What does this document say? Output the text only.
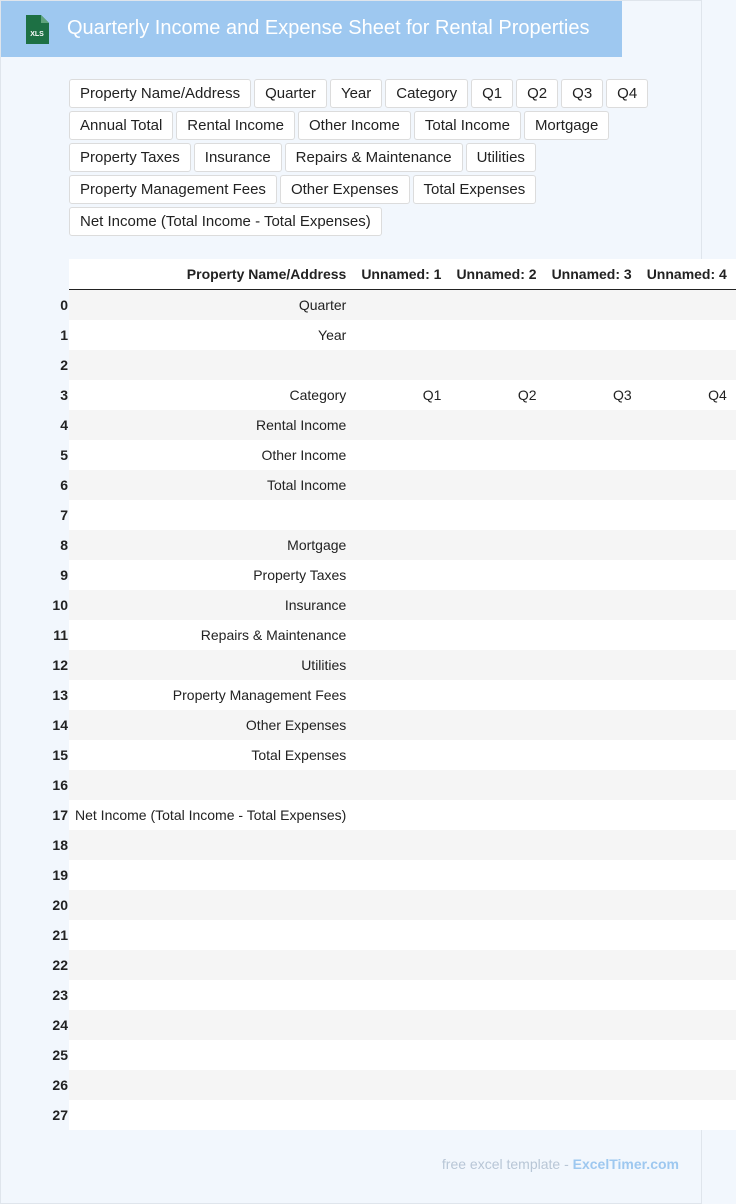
XLS Quarterly Income and Expense Sheet for Rental Properties
Property Name/Address	Quarter	Year	Category	Q1	Q2	Q3	Q4
Annual Total	Rental Income	Other Income	Total Income	Mortgage
Property Taxes	Insurance	Repairs & Maintenance	Utilities
Property Management Fees	Other Expenses	Total Expenses
Net Income (Total Income - Total Expenses)
	Property Name/Address	Unnamed: 1	Unnamed: 2	Unnamed: 3	Unnamed: 4
0	Quarter				
1	Year				
2					
3	Category	Q1	Q2	Q3	Q4
4	Rental Income				
5	Other Income				
6	Total Income				
7					
8	Mortgage				
9	Property Taxes				
10	Insurance				
11	Repairs & Maintenance				
12	Utilities				
13	Property Management Fees				
14	Other Expenses				
15	Total Expenses				
16					
17	Net Income (Total Income - Total Expenses)				
18					
19					
20					
21					
22					
23					
24					
25					
26					
27					
free excel template - ExcelTimer.com
